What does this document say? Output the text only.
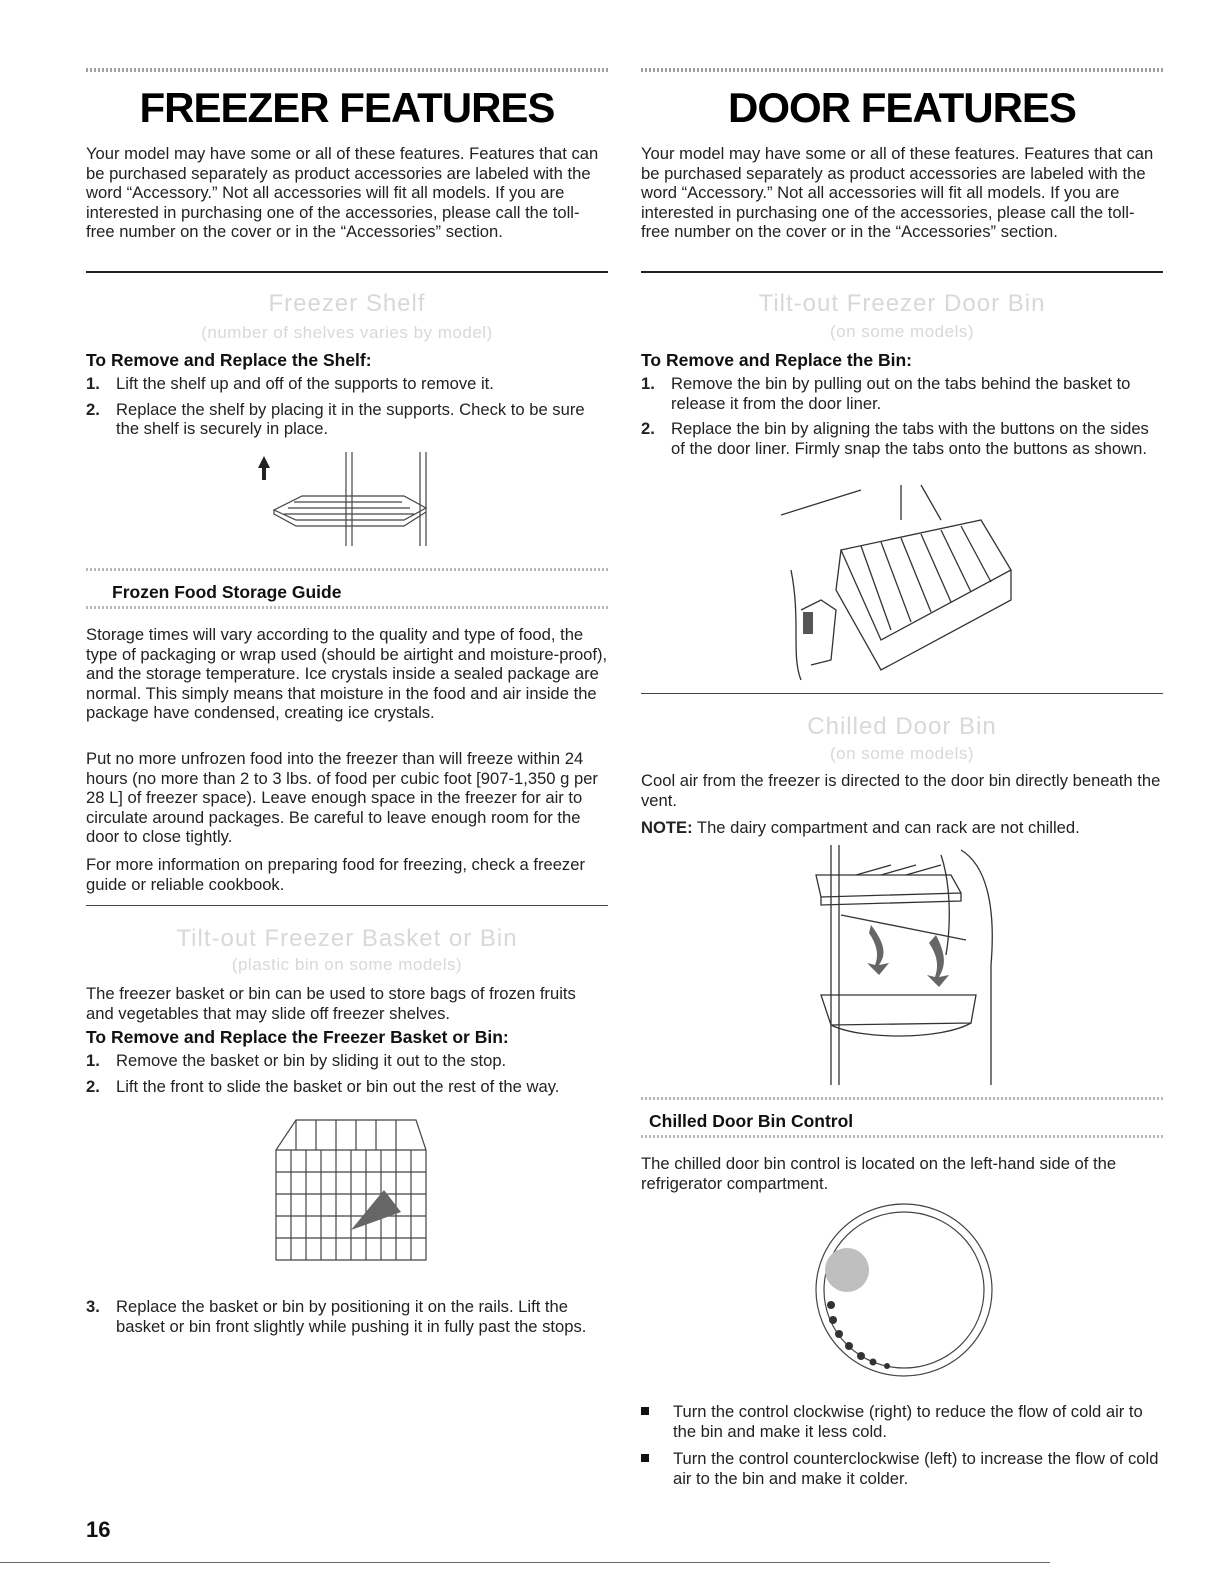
FREEZER FEATURES
Your model may have some or all of these features. Features that can be purchased separately as product accessories are labeled with the word “Accessory.” Not all accessories will fit all models. If you are interested in purchasing one of the accessories, please call the toll-free number on the cover or in the “Accessories” section.
Freezer Shelf
(number of shelves varies by model)
To Remove and Replace the Shelf:
1. Lift the shelf up and off of the supports to remove it.
2. Replace the shelf by placing it in the supports. Check to be sure the shelf is securely in place.
Frozen Food Storage Guide
Storage times will vary according to the quality and type of food, the type of packaging or wrap used (should be airtight and moisture-proof), and the storage temperature. Ice crystals inside a sealed package are normal. This simply means that moisture in the food and air inside the package have condensed, creating ice crystals.
Put no more unfrozen food into the freezer than will freeze within 24 hours (no more than 2 to 3 lbs. of food per cubic foot [907-1,350 g per 28 L] of freezer space). Leave enough space in the freezer for air to circulate around packages. Be careful to leave enough room for the door to close tightly.
For more information on preparing food for freezing, check a freezer guide or reliable cookbook.
Tilt-out Freezer Basket or Bin
(plastic bin on some models)
The freezer basket or bin can be used to store bags of frozen fruits and vegetables that may slide off freezer shelves.
To Remove and Replace the Freezer Basket or Bin:
1. Remove the basket or bin by sliding it out to the stop.
2. Lift the front to slide the basket or bin out the rest of the way.
3. Replace the basket or bin by positioning it on the rails. Lift the basket or bin front slightly while pushing it in fully past the stops.
DOOR FEATURES
Your model may have some or all of these features. Features that can be purchased separately as product accessories are labeled with the word “Accessory.” Not all accessories will fit all models. If you are interested in purchasing one of the accessories, please call the toll-free number on the cover or in the “Accessories” section.
Tilt-out Freezer Door Bin
(on some models)
To Remove and Replace the Bin:
1. Remove the bin by pulling out on the tabs behind the basket to release it from the door liner.
2. Replace the bin by aligning the tabs with the buttons on the sides of the door liner. Firmly snap the tabs onto the buttons as shown.
Chilled Door Bin
(on some models)
Cool air from the freezer is directed to the door bin directly beneath the vent.
NOTE: The dairy compartment and can rack are not chilled.
Chilled Door Bin Control
The chilled door bin control is located on the left-hand side of the refrigerator compartment.
Turn the control clockwise (right) to reduce the flow of cold air to the bin and make it less cold.
Turn the control counterclockwise (left) to increase the flow of cold air to the bin and make it colder.
16
